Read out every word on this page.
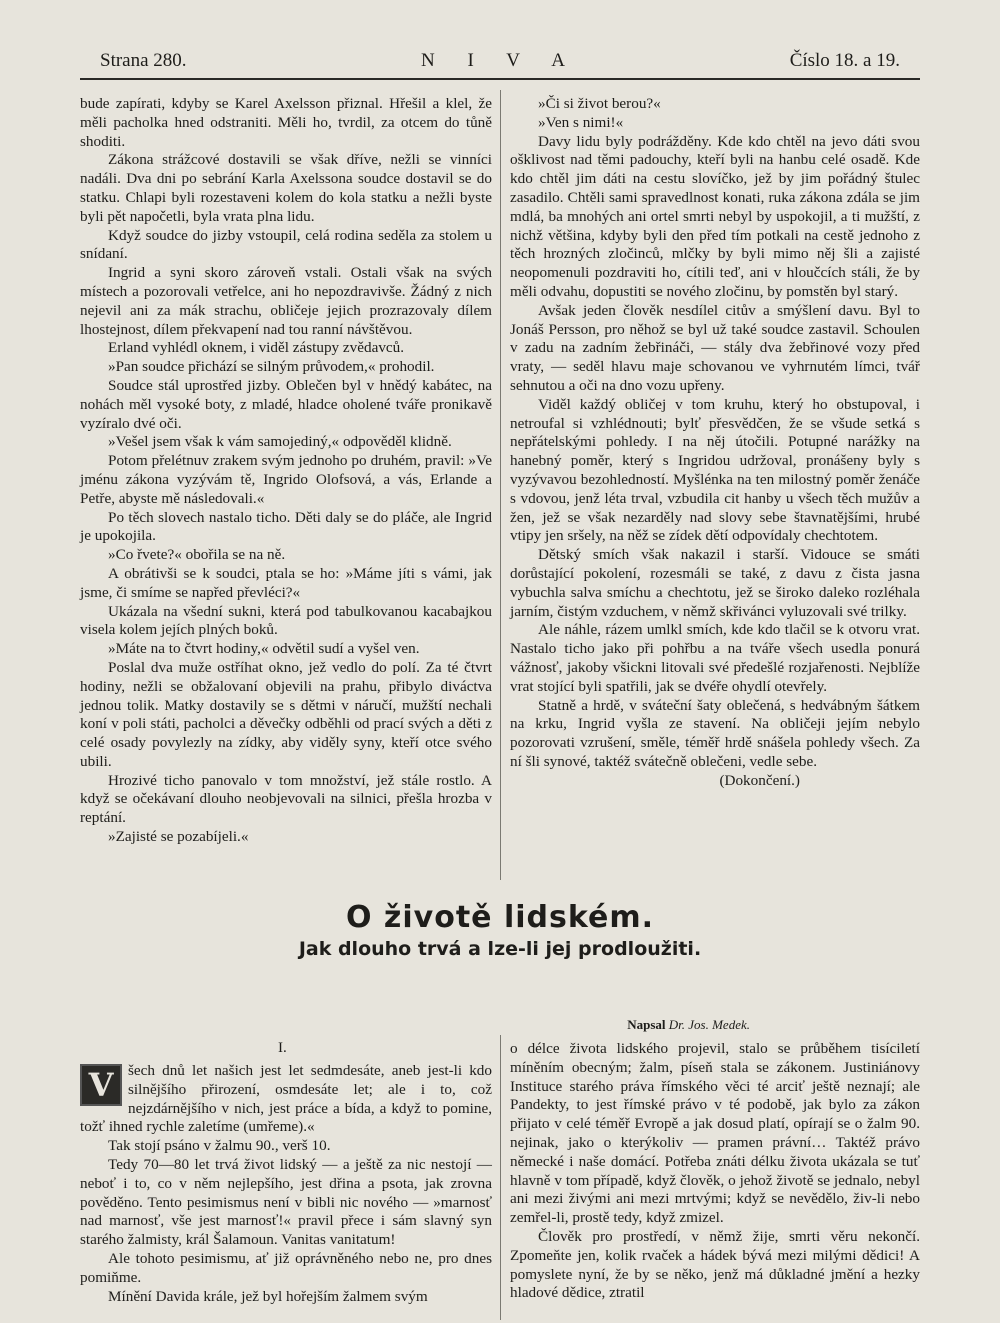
Strana 280.	N I V A	Číslo 18. a 19.

bude zapírati, kdyby se Karel Axelsson přiznal. Hřešil a klel, že měli pacholka hned odstraniti. Měli ho, tvrdil, za otcem do tůně shoditi.

Zákona strážcové dostavili se však dříve, nežli se vinníci nadáli. Dva dni po sebrání Karla Axelssona soudce dostavil se do statku. Chlapi byli rozestaveni kolem do kola statku a nežli byste byli pět napočetli, byla vrata plna lidu.

Když soudce do jizby vstoupil, celá rodina seděla za stolem u snídaní.

Ingrid a syni skoro zároveň vstali. Ostali však na svých místech a pozorovali vetřelce, ani ho nepozdravivše. Žádný z nich nejevil ani za mák strachu, obličeje jejich prozrazovaly dílem lhostejnost, dílem překvapení nad tou ranní návštěvou.

Erland vyhlédl oknem, i viděl zástupy zvědavců.

»Pan soudce přichází se silným průvodem,« prohodil.

Soudce stál uprostřed jizby. Oblečen byl v hnědý kabátec, na nohách měl vysoké boty, z mladé, hladce oholené tváře pronikavě vyzíralo dvé oči.

»Vešel jsem však k vám samojediný,« odpověděl klidně.

Potom přelétnuv zrakem svým jednoho po druhém, pravil: »Ve jménu zákona vyzývám tě, Ingrido Olofsová, a vás, Erlande a Petře, abyste mě následovali.«

Po těch slovech nastalo ticho. Děti daly se do pláče, ale Ingrid je upokojila.

»Co řvete?« obořila se na ně.

A obrátivši se k soudci, ptala se ho: »Máme jíti s vámi, jak jsme, či smíme se napřed převléci?«

Ukázala na všední sukni, která pod tabulkovanou kacabajkou visela kolem jejích plných boků.

»Máte na to čtvrt hodiny,« odvětil sudí a vyšel ven.

Poslal dva muže ostříhat okno, jež vedlo do polí. Za té čtvrt hodiny, nežli se obžalovaní objevili na prahu, přibylo diváctva jednou tolik. Matky dostavily se s dětmi v náručí, mužští nechali koní v poli státi, pacholci a děvečky odběhli od prací svých a děti z celé osady povylezly na zídky, aby viděly syny, kteří otce svého ubili.

Hrozivé ticho panovalo v tom množství, jež stále rostlo. A když se očekávaní dlouho neobjevovali na silnici, přešla hrozba v reptání.

»Zajisté se pozabíjeli.«

»Či si život berou?«

»Ven s nimi!«

Davy lidu byly podrážděny. Kde kdo chtěl na jevo dáti svou ošklivost nad těmi padouchy, kteří byli na hanbu celé osadě. Kde kdo chtěl jim dáti na cestu slovíčko, jež by jim pořádný štulec zasadilo. Chtěli sami spravedlnost konati, ruka zákona zdála se jim mdlá, ba mnohých ani ortel smrti nebyl by uspokojil, a ti mužští, z nichž většina, kdyby byli den před tím potkali na cestě jednoho z těch hrozných zločinců, mlčky by byli mimo něj šli a zajisté neopomenuli pozdraviti ho, cítili teď, ani v hloučcích stáli, že by měli odvahu, dopustiti se nového zločinu, by pomstěn byl starý.

Avšak jeden člověk nesdílel citův a smýšlení davu. Byl to Jonáš Persson, pro něhož se byl už také soudce zastavil. Schoulen v zadu na zadním žebřináči, — stály dva žebřinové vozy před vraty, — seděl hlavu maje schovanou ve vyhrnutém límci, tvář sehnutou a oči na dno vozu upřeny.

Viděl každý obličej v tom kruhu, který ho obstupoval, i netroufal si vzhlédnouti; bylť přesvědčen, že se všude setká s nepřátelskými pohledy. I na něj útočili. Potupné narážky na hanebný poměr, který s Ingridou udržoval, pronášeny byly s vyzývavou bezohledností. Myšlénka na ten milostný poměr ženáče s vdovou, jenž léta trval, vzbudila cit hanby u všech těch mužův a žen, jež se však nezarděly nad slovy sebe štavnatějšími, hrubé vtipy jen sršely, na něž se zídek dětí odpovídaly chechtotem.

Dětský smích však nakazil i starší. Vidouce se smáti dorůstající pokolení, rozesmáli se také, z davu z čista jasna vybuchla salva smíchu a chechtotu, jež se široko daleko rozléhala jarním, čistým vzduchem, v němž skřivánci vyluzovali své trilky.

Ale náhle, rázem umlkl smích, kde kdo tlačil se k otvoru vrat. Nastalo ticho jako při pohřbu a na tváře všech usedla ponurá vážnosť, jakoby všickni litovali své předešlé rozjařenosti. Nejblíže vrat stojící byli spatřili, jak se dvéře ohydlí otevřely.

Statně a hrdě, v sváteční šaty oblečená, s hedvábným šátkem na krku, Ingrid vyšla ze stavení. Na obličeji jejím nebylo pozorovati vzrušení, směle, téměř hrdě snášela pohledy všech. Za ní šli synové, taktéž svátečně oblečeni, vedle sebe.

(Dokončení.)

O životě lidském.
Jak dlouho trvá a lze-li jej prodloužiti.
Napsal Dr. Jos. Medek.
I.

V šech dnů let našich jest let sedmdesáte, aneb jest-li kdo silnějšího přirození, osmdesáte let; ale i to, což nejzdárnějšího v nich, jest práce a bída, a když to pomine, tožť ihned rychle zaletíme (umřeme).«

Tak stojí psáno v žalmu 90., verš 10.

Tedy 70—80 let trvá život lidský — a ještě za nic nestojí — neboť i to, co v něm nejlepšího, jest dřina a psota, jak zrovna pověděno. Tento pesimismus není v bibli nic nového — »marnosť nad marnosť, vše jest marnosť!« pravil přece i sám slavný syn starého žalmisty, král Šalamoun. Vanitas vanitatum!

Ale tohoto pesimismu, ať již oprávněného nebo ne, pro dnes pomiňme.

Mínění Davida krále, jež byl hořejším žalmem svým

o délce života lidského projevil, stalo se průběhem tisíciletí míněním obecným; žalm, píseň stala se zákonem. Justiniánovy Instituce starého práva římského věci té arciť ještě neznají; ale Pandekty, to jest římské právo v té podobě, jak bylo za zákon přijato v celé téměř Evropě a jak dosud platí, opírají se o žalm 90. nejinak, jako o kterýkoliv — pramen právní… Taktéž právo německé i naše domácí. Potřeba znáti délku života ukázala se tuť hlavně v tom případě, když člověk, o jehož životě se jednalo, nebyl ani mezi živými ani mezi mrtvými; když se nevědělo, živ-li nebo zemřel-li, prostě tedy, když zmizel.

Člověk pro prostředí, v němž žije, smrti věru nekončí. Zpomeňte jen, kolik rvaček a hádek bývá mezi milými dědici! A pomyslete nyní, že by se něko, jenž má důkladné jmění a hezky hladové dědice, ztratil
